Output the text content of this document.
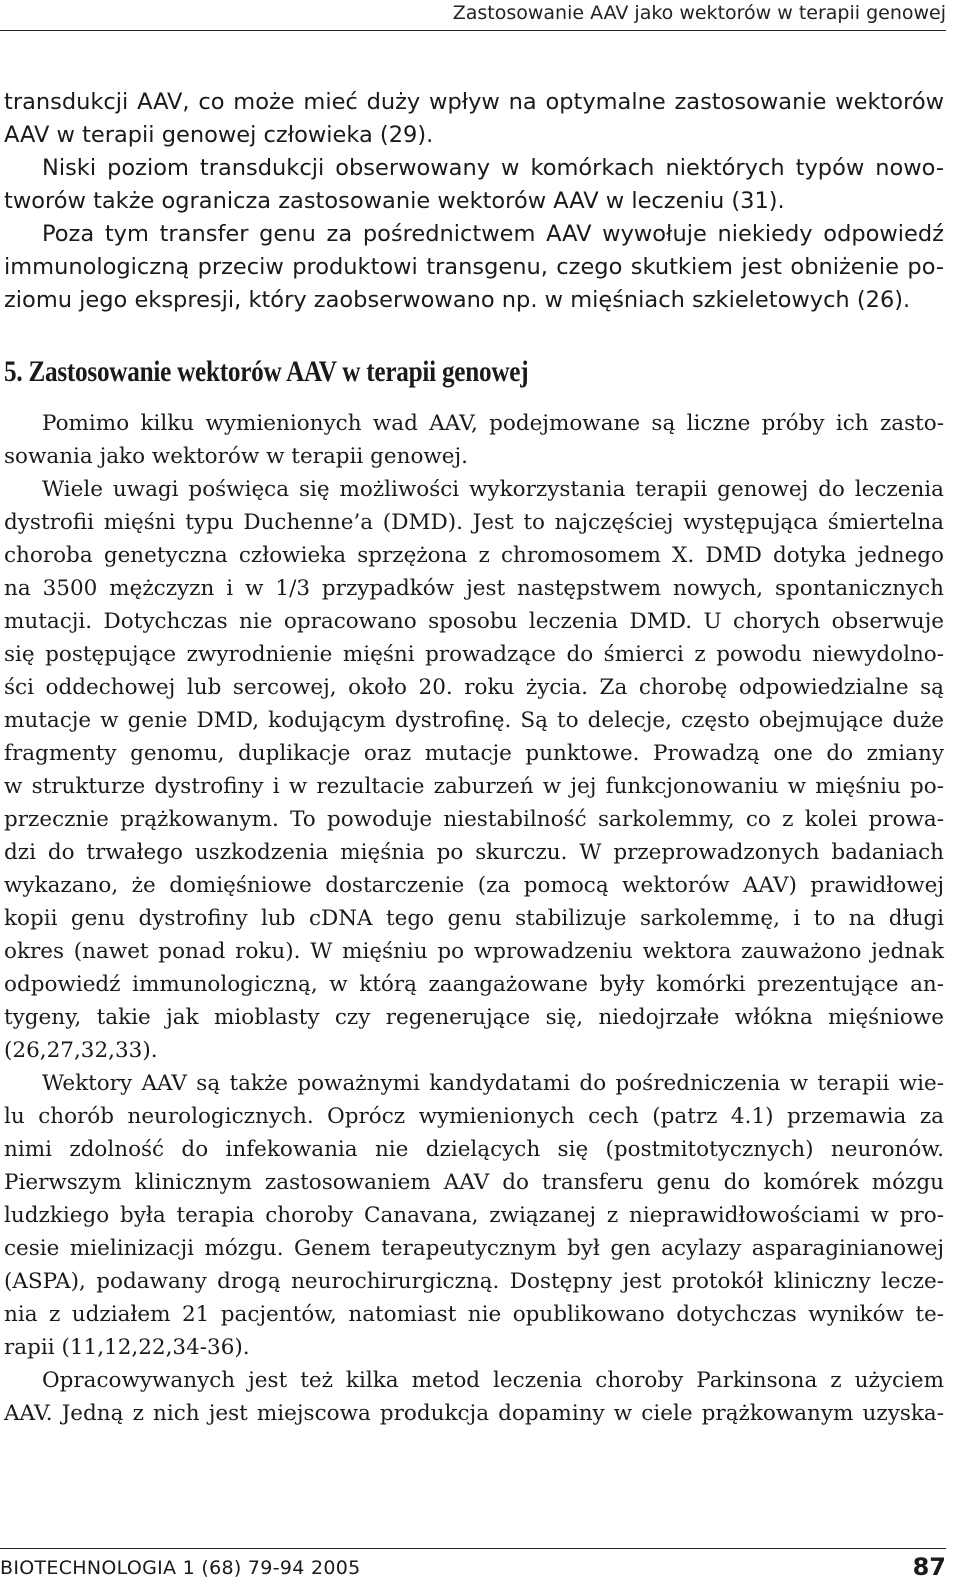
Zastosowanie AAV jako wektorów w terapii genowej
transdukcji AAV, co może mieć duży wpływ na optymalne zastosowanie wektorów
AAV w terapii genowej człowieka (29).
Niski poziom transdukcji obserwowany w komórkach niektórych typów nowo-
tworów także ogranicza zastosowanie wektorów AAV w leczeniu (31).
Poza tym transfer genu za pośrednictwem AAV wywołuje niekiedy odpowiedź
immunologiczną przeciw produktowi transgenu, czego skutkiem jest obniżenie po-
ziomu jego ekspresji, który zaobserwowano np. w mięśniach szkieletowych (26).
5. Zastosowanie wektorów AAV w terapii genowej
Pomimo kilku wymienionych wad AAV, podejmowane są liczne próby ich zasto-
sowania jako wektorów w terapii genowej.
Wiele uwagi poświęca się możliwości wykorzystania terapii genowej do leczenia
dystrofii mięśni typu Duchenne’a (DMD). Jest to najczęściej występująca śmiertelna
choroba genetyczna człowieka sprzężona z chromosomem X. DMD dotyka jednego
na 3500 mężczyzn i w 1/3 przypadków jest następstwem nowych, spontanicznych
mutacji. Dotychczas nie opracowano sposobu leczenia DMD. U chorych obserwuje
się postępujące zwyrodnienie mięśni prowadzące do śmierci z powodu niewydolno-
ści oddechowej lub sercowej, około 20. roku życia. Za chorobę odpowiedzialne są
mutacje w genie DMD, kodującym dystrofinę. Są to delecje, często obejmujące duże
fragmenty genomu, duplikacje oraz mutacje punktowe. Prowadzą one do zmiany
w strukturze dystrofiny i w rezultacie zaburzeń w jej funkcjonowaniu w mięśniu po-
przecznie prążkowanym. To powoduje niestabilność sarkolemmy, co z kolei prowa-
dzi do trwałego uszkodzenia mięśnia po skurczu. W przeprowadzonych badaniach
wykazano, że domięśniowe dostarczenie (za pomocą wektorów AAV) prawidłowej
kopii genu dystrofiny lub cDNA tego genu stabilizuje sarkolemmę, i to na długi
okres (nawet ponad roku). W mięśniu po wprowadzeniu wektora zauważono jednak
odpowiedź immunologiczną, w którą zaangażowane były komórki prezentujące an-
tygeny, takie jak mioblasty czy regenerujące się, niedojrzałe włókna mięśniowe
(26,27,32,33).
Wektory AAV są także poważnymi kandydatami do pośredniczenia w terapii wie-
lu chorób neurologicznych. Oprócz wymienionych cech (patrz 4.1) przemawia za
nimi zdolność do infekowania nie dzielących się (postmitotycznych) neuronów.
Pierwszym klinicznym zastosowaniem AAV do transferu genu do komórek mózgu
ludzkiego była terapia choroby Canavana, związanej z nieprawidłowościami w pro-
cesie mielinizacji mózgu. Genem terapeutycznym był gen acylazy asparaginianowej
(ASPA), podawany drogą neurochirurgiczną. Dostępny jest protokół kliniczny lecze-
nia z udziałem 21 pacjentów, natomiast nie opublikowano dotychczas wyników te-
rapii (11,12,22,34-36).
Opracowywanych jest też kilka metod leczenia choroby Parkinsona z użyciem
AAV. Jedną z nich jest miejscowa produkcja dopaminy w ciele prążkowanym uzyska-
BIOTECHNOLOGIA 1 (68) 79-94 2005	87
